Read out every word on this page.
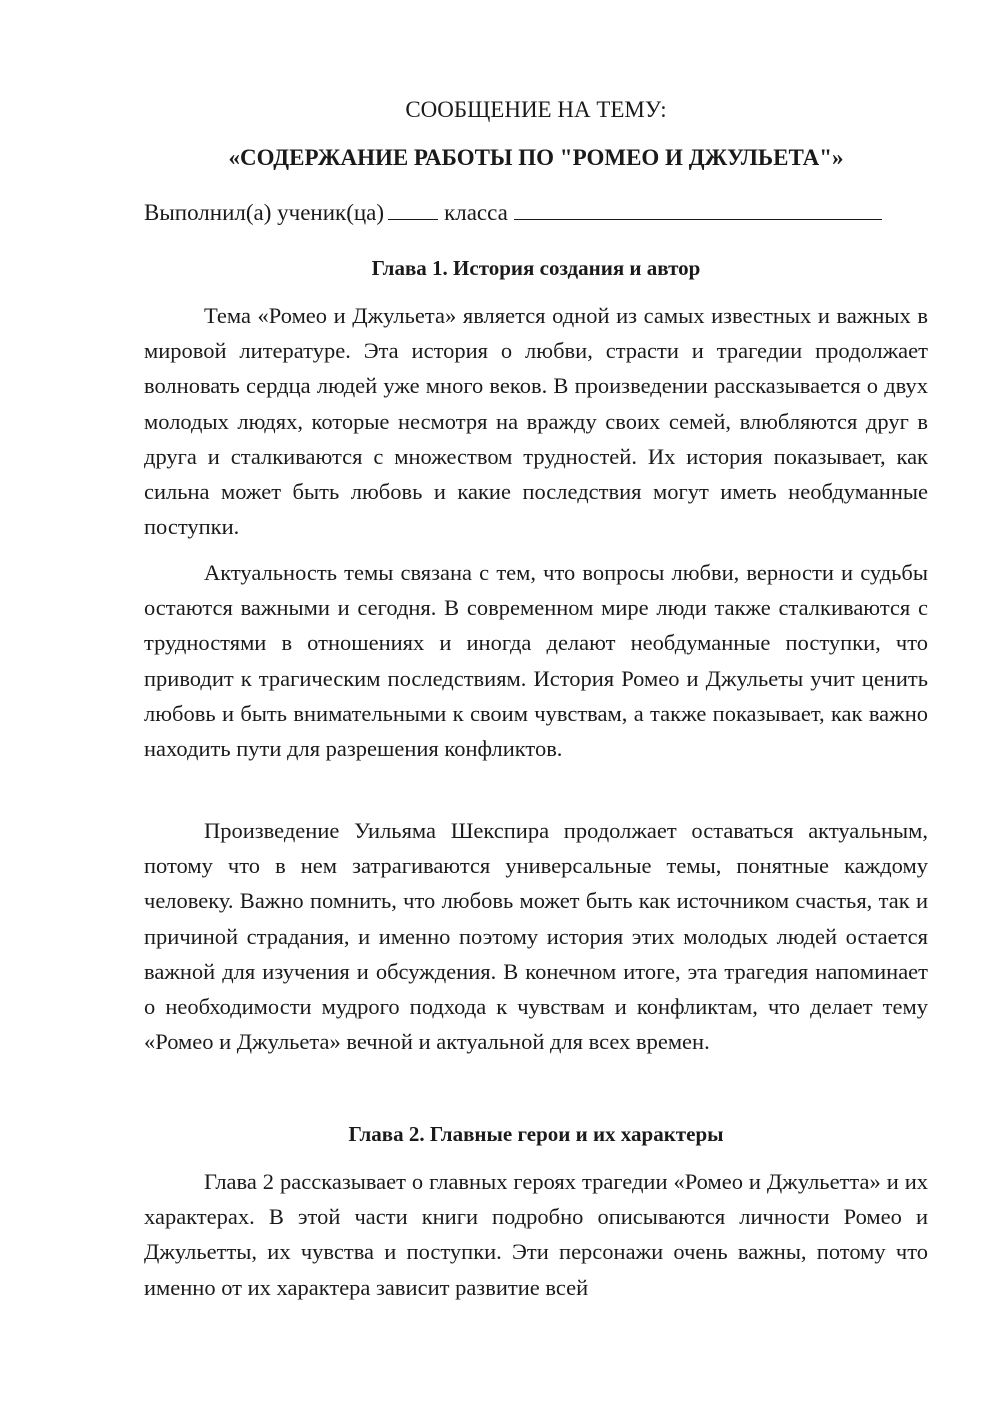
СООБЩЕНИЕ НА ТЕМУ:
«СОДЕРЖАНИЕ РАБОТЫ ПО "РОМЕО И ДЖУЛЬЕТА"»
Выполнил(а) ученик(ца)	класса
Глава 1. История создания и автор

Тема «Ромео и Джульета» является одной из самых известных и важных в мировой литературе. Эта история о любви, страсти и трагедии продолжает волновать сердца людей уже много веков. В произведении рассказывается о двух молодых людях, которые несмотря на вражду своих семей, влюбляются друг в друга и сталкиваются с множеством трудностей. Их история показывает, как сильна может быть любовь и какие последствия могут иметь необдуманные поступки.

Актуальность темы связана с тем, что вопросы любви, верности и судьбы остаются важными и сегодня. В современном мире люди также сталкиваются с трудностями в отношениях и иногда делают необдуманные поступки, что приводит к трагическим последствиям. История Ромео и Джульеты учит ценить любовь и быть внимательными к своим чувствам, а также показывает, как важно находить пути для разрешения конфликтов.

Произведение Уильяма Шекспира продолжает оставаться актуальным, потому что в нем затрагиваются универсальные темы, понятные каждому человеку. Важно помнить, что любовь может быть как источником счастья, так и причиной страдания, и именно поэтому история этих молодых людей остается важной для изучения и обсуждения. В конечном итоге, эта трагедия напоминает о необходимости мудрого подхода к чувствам и конфликтам, что делает тему «Ромео и Джульета» вечной и актуальной для всех времен.

Глава 2. Главные герои и их характеры

Глава 2 рассказывает о главных героях трагедии «Ромео и Джульетта» и их характерах. В этой части книги подробно описываются личности Ромео и Джульетты, их чувства и поступки. Эти персонажи очень важны, потому что именно от их характера зависит развитие всей
